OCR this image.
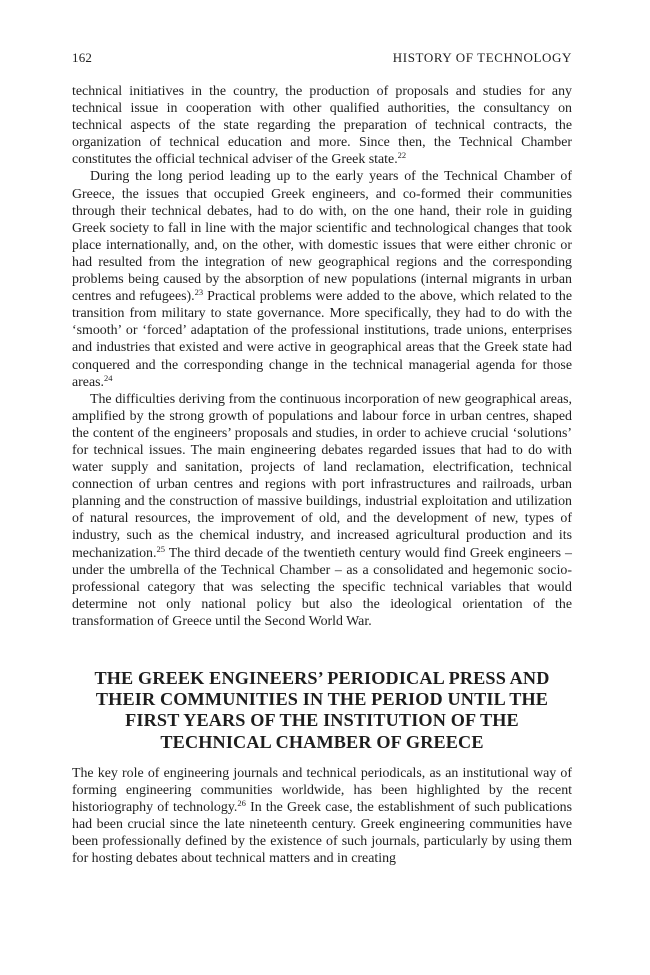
162	HISTORY OF TECHNOLOGY

technical initiatives in the country, the production of proposals and studies for any technical issue in cooperation with other qualified authorities, the consultancy on technical aspects of the state regarding the preparation of technical contracts, the organization of technical education and more. Since then, the Technical Chamber constitutes the official technical adviser of the Greek state.$^{22}$

During the long period leading up to the early years of the Technical Chamber of Greece, the issues that occupied Greek engineers, and co-formed their communities through their technical debates, had to do with, on the one hand, their role in guiding Greek society to fall in line with the major scientific and technological changes that took place internationally, and, on the other, with domestic issues that were either chronic or had resulted from the integration of new geographical regions and the corresponding problems being caused by the absorption of new populations (internal migrants in urban centres and refugees).$^{23}$ Practical problems were added to the above, which related to the transition from military to state governance. More specifically, they had to do with the ‘smooth’ or ‘forced’ adaptation of the professional institutions, trade unions, enterprises and industries that existed and were active in geographical areas that the Greek state had conquered and the corresponding change in the technical managerial agenda for those areas.$^{24}$

The difficulties deriving from the continuous incorporation of new geographical areas, amplified by the strong growth of populations and labour force in urban centres, shaped the content of the engineers’ proposals and studies, in order to achieve crucial ‘solutions’ for technical issues. The main engineering debates regarded issues that had to do with water supply and sanitation, projects of land reclamation, electrification, technical connection of urban centres and regions with port infrastructures and railroads, urban planning and the construction of massive buildings, industrial exploitation and utilization of natural resources, the improvement of old, and the development of new, types of industry, such as the chemical industry, and increased agricultural production and its mechanization.$^{25}$ The third decade of the twentieth century would find Greek engineers – under the umbrella of the Technical Chamber – as a consolidated and hegemonic socio-professional category that was selecting the specific technical variables that would determine not only national policy but also the ideological orientation of the transformation of Greece until the Second World War.

THE GREEK ENGINEERS’ PERIODICAL PRESS AND THEIR COMMUNITIES IN THE PERIOD UNTIL THE FIRST YEARS OF THE INSTITUTION OF THE TECHNICAL CHAMBER OF GREECE

The key role of engineering journals and technical periodicals, as an institutional way of forming engineering communities worldwide, has been highlighted by the recent historiography of technology.$^{26}$ In the Greek case, the establishment of such publications had been crucial since the late nineteenth century. Greek engineering communities have been professionally defined by the existence of such journals, particularly by using them for hosting debates about technical matters and in creating
